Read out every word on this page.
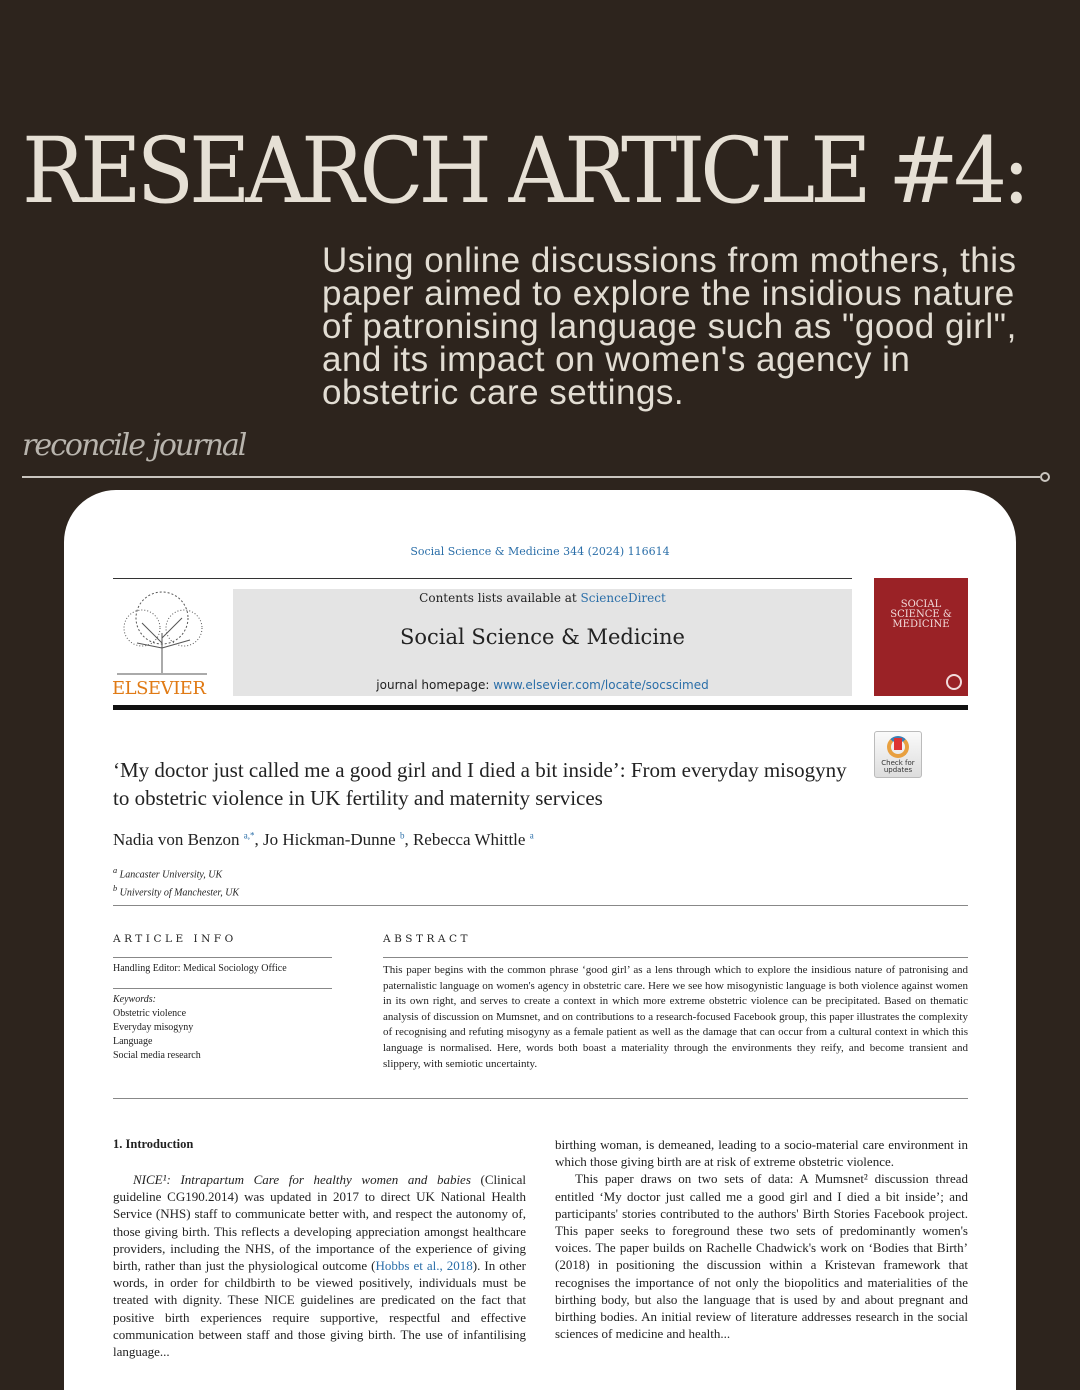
RESEARCH ARTICLE #4:

Using online discussions from mothers, this paper aimed to explore the insidious nature of patronising language such as "good girl", and its impact on women's agency in obstetric care settings.

reconcile journal
Social Science & Medicine 344 (2024) 116614
ELSEVIER
Contents lists available at ScienceDirect
Social Science & Medicine
journal homepage: www.elsevier.com/locate/socscimed
SOCIAL SCIENCE & MEDICINE
Check for updates
‘My doctor just called me a good girl and I died a bit inside’: From everyday misogyny to obstetric violence in UK fertility and maternity services
Nadia von Benzon $^{a,*}$, Jo Hickman-Dunne $^b$, Rebecca Whittle $^a$
$^a$ Lancaster University, UK
$^b$ University of Manchester, UK
ARTICLE INFO
Handling Editor: Medical Sociology Office
Keywords:
Obstetric violence
Everyday misogyny
Language
Social media research
ABSTRACT
This paper begins with the common phrase ‘good girl’ as a lens through which to explore the insidious nature of patronising and paternalistic language on women's agency in obstetric care. Here we see how misogynistic language is both violence against women in its own right, and serves to create a context in which more extreme obstetric violence can be precipitated. Based on thematic analysis of discussion on Mumsnet, and on contributions to a research-focused Facebook group, this paper illustrates the complexity of recognising and refuting misogyny as a female patient as well as the damage that can occur from a cultural context in which this language is normalised. Here, words both boast a materiality through the environments they reify, and become transient and slippery, with semiotic uncertainty.
1. Introduction

NICE¹: Intrapartum Care for healthy women and babies (Clinical guideline CG190.2014) was updated in 2017 to direct UK National Health Service (NHS) staff to communicate better with, and respect the autonomy of, those giving birth. This reflects a developing appreciation amongst healthcare providers, including the NHS, of the importance of the experience of giving birth, rather than just the physiological outcome (Hobbs et al., 2018). In other words, in order for childbirth to be viewed positively, individuals must be treated with dignity. These NICE guidelines are predicated on the fact that positive birth experiences require supportive, respectful and effective communication between staff and those giving birth. The use of infantilising language...

birthing woman, is demeaned, leading to a socio-material care environment in which those giving birth are at risk of extreme obstetric violence.

This paper draws on two sets of data: A Mumsnet² discussion thread entitled ‘My doctor just called me a good girl and I died a bit inside’; and participants' stories contributed to the authors' Birth Stories Facebook project. This paper seeks to foreground these two sets of predominantly women's voices. The paper builds on Rachelle Chadwick's work on ‘Bodies that Birth’ (2018) in positioning the discussion within a Kristevan framework that recognises the importance of not only the biopolitics and materialities of the birthing body, but also the language that is used by and about pregnant and birthing bodies. An initial review of literature addresses research in the social sciences of medicine and health...
